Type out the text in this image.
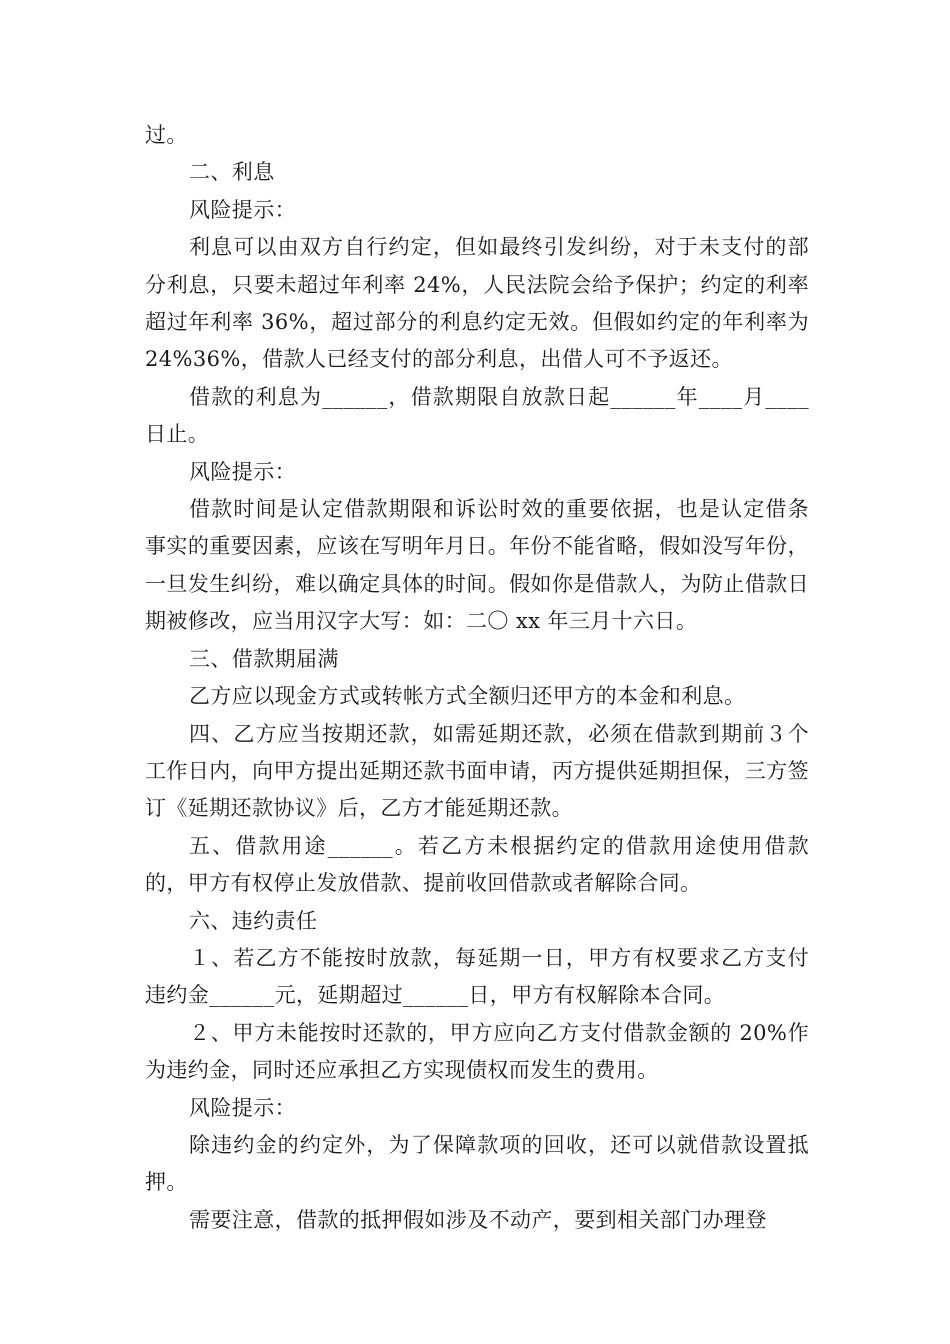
过。

二、利息

风险提示：

利息可以由双方自行约定，但如最终引发纠纷，对于未支付的部分利息，只要未超过年利率 24%，人民法院会给予保护；约定的利率超过年利率 36%，超过部分的利息约定无效。但假如约定的年利率为 24%36%，借款人已经支付的部分利息，出借人可不予返还。

借款的利息为______，借款期限自放款日起______年____月____日止。

风险提示：

借款时间是认定借款期限和诉讼时效的重要依据，也是认定借条事实的重要因素，应该在写明年月日。年份不能省略，假如没写年份，一旦发生纠纷，难以确定具体的时间。假如你是借款人，为防止借款日期被修改，应当用汉字大写：如：二〇 xx 年三月十六日。

三、借款期届满

乙方应以现金方式或转帐方式全额归还甲方的本金和利息。

四、乙方应当按期还款，如需延期还款，必须在借款到期前３个工作日内，向甲方提出延期还款书面申请，丙方提供延期担保，三方签订《延期还款协议》后，乙方才能延期还款。

五、借款用途______。若乙方未根据约定的借款用途使用借款的，甲方有权停止发放借款、提前收回借款或者解除合同。

六、违约责任

１、若乙方不能按时放款，每延期一日，甲方有权要求乙方支付违约金______元，延期超过______日，甲方有权解除本合同。

２、甲方未能按时还款的，甲方应向乙方支付借款金额的 20%作为违约金，同时还应承担乙方实现债权而发生的费用。

风险提示：

除违约金的约定外，为了保障款项的回收，还可以就借款设置抵押。

需要注意，借款的抵押假如涉及不动产，要到相关部门办理登
